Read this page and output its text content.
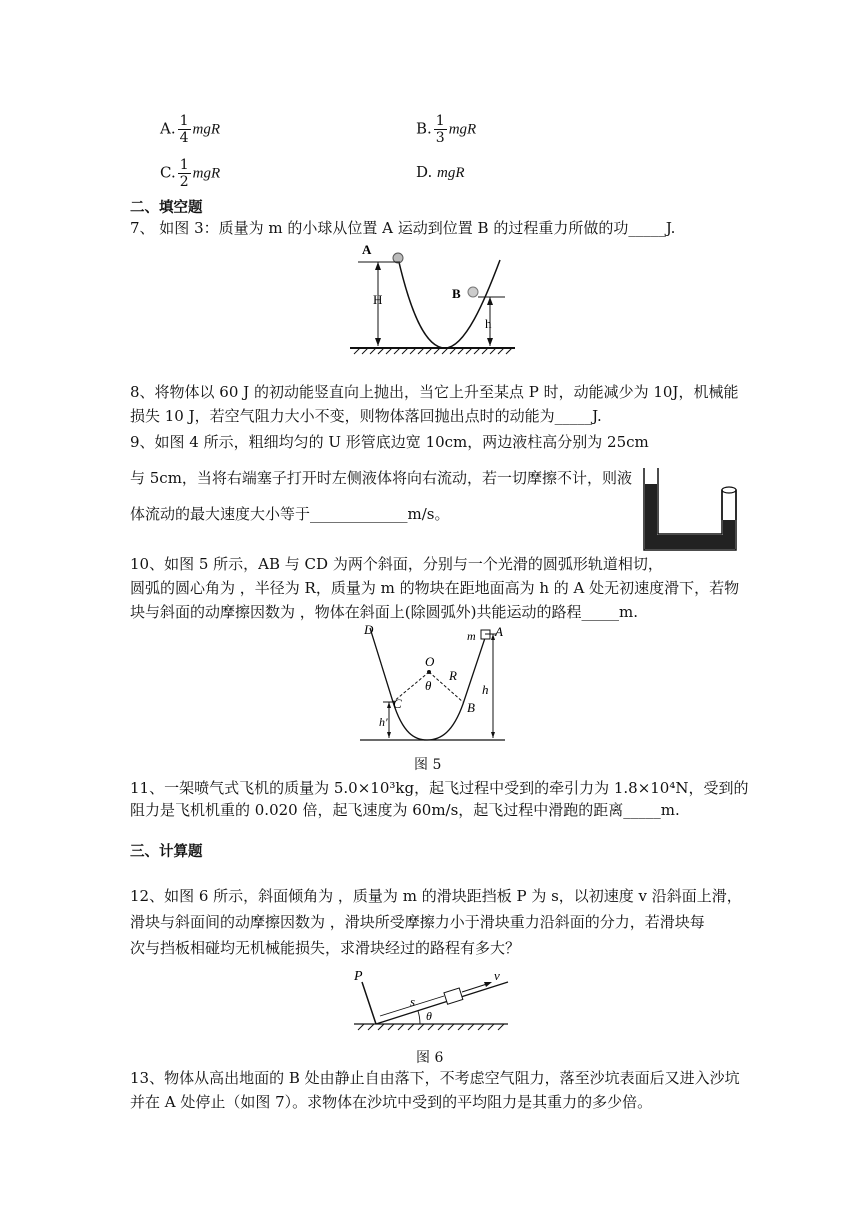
A. $\frac{1}{4}$ mgR	B. $\frac{1}{3}$ mgR
C. $\frac{1}{2}$ mgR	D. mgR
二、填空题
7、 如图 3：质量为 m 的小球从位置 A 运动到位置 B 的过程重力所做的功_____J.
A
H	B
h
8、将物体以 60 J 的初动能竖直向上抛出，当它上升至某点 P 时，动能减少为 10J，机械能
损失 10 J，若空气阻力大小不变，则物体落回抛出点时的动能为_____J.
9、如图 4 所示，粗细均匀的 U 形管底边宽 10cm，两边液柱高分别为 25cm
与 5cm，当将右端塞子打开时左侧液体将向右流动，若一切摩擦不计，则液
体流动的最大速度大小等于_____________m/s。
10、如图 5 所示，AB 与 CD 为两个斜面，分别与一个光滑的圆弧形轨道相切，
圆弧的圆心角为 ，半径为 R，质量为 m 的物块在距地面高为 h 的 A 处无初速度滑下，若物
块与斜面的动摩擦因数为 ，物体在斜面上(除圆弧外)共能运动的路程_____m.
D	A
m
O
θ
R
C	B
h
h′
图 5
11、一架喷气式飞机的质量为 5.0×10³kg，起飞过程中受到的牵引力为 1.8×10⁴N，受到的
阻力是飞机机重的 0.020 倍，起飞速度为 60m/s，起飞过程中滑跑的距离_____m.
三、计算题
12、如图 6 所示，斜面倾角为 ，质量为 m 的滑块距挡板 P 为 s，以初速度 v 沿斜面上滑，
滑块与斜面间的动摩擦因数为 ，滑块所受摩擦力小于滑块重力沿斜面的分力，若滑块每
次与挡板相碰均无机械能损失，求滑块经过的路程有多大？
P
s
v
θ
图 6
13、物体从高出地面的 B 处由静止自由落下，不考虑空气阻力，落至沙坑表面后又进入沙坑
并在 A 处停止（如图 7）。求物体在沙坑中受到的平均阻力是其重力的多少倍。
